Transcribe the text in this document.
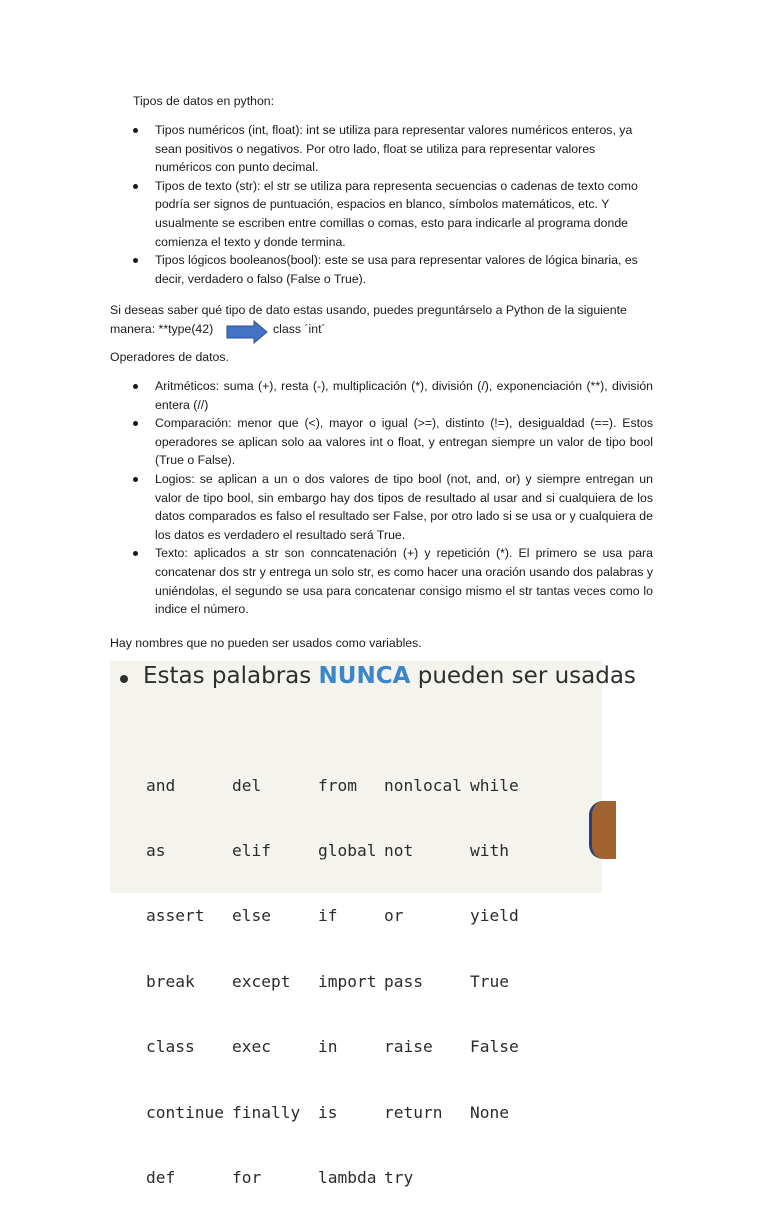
Tipos de datos en python:
Tipos numéricos (int, float): int se utiliza para representar valores numéricos enteros, ya sean positivos o negativos. Por otro lado, float se utiliza para representar valores numéricos con punto decimal.
Tipos de texto (str): el str se utiliza para representa secuencias o cadenas de texto como podría ser signos de puntuación, espacios en blanco, símbolos matemáticos, etc. Y usualmente se escriben entre comillas o comas, esto para indicarle al programa donde comienza el texto y donde termina.
Tipos lógicos booleanos(bool): este se usa para representar valores de lógica binaria, es decir, verdadero o falso (False o True).
Si deseas saber qué tipo de dato estas usando, puedes preguntárselo a Python de la siguiente manera: **type(42)	class ´int´
Operadores de datos.
Aritméticos: suma (+), resta (-), multiplicación (*), división (/), exponenciación (**), división entera (//)
Comparación: menor que (<), mayor o igual (>=), distinto (!=), desigualdad (==). Estos operadores se aplican solo aa valores int o float, y entregan siempre un valor de tipo bool (True o False).
Logios: se aplican a un o dos valores de tipo bool (not, and, or) y siempre entregan un valor de tipo bool, sin embargo hay dos tipos de resultado al usar and si cualquiera de los datos comparados es falso el resultado ser False, por otro lado si se usa or y cualquiera de los datos es verdadero el resultado será True.
Texto: aplicados a str son conncatenación (+) y repetición (*). El primero se usa para concatenar dos str y entrega un solo str, es como hacer una oración usando dos palabras y uniéndolas, el segundo se usa para concatenar consigo mismo el str tantas veces como lo indice el número.
Hay nombres que no pueden ser usados como variables.
Estas palabras NUNCA pueden ser usadas

and

as

assert

break

class

continue

def

del

elif

else

except

exec

finally

for

from

global

if

import

in

is

lambda

nonlocal

not

or

pass

raise

return

try

while

with

yield

True

False

None
